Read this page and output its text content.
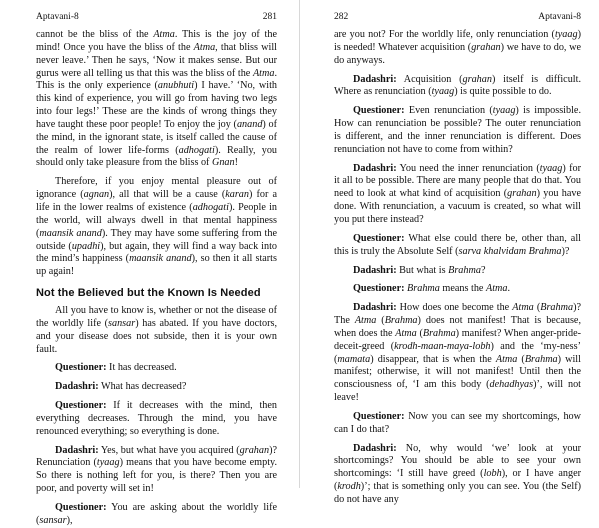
Aptavani-8	281

cannot be the bliss of the Atma. This is the joy of the mind! Once you have the bliss of the Atma, that bliss will never leave.’ Then he says, ‘Now it makes sense. But our gurus were all telling us that this was the bliss of the Atma. This is the only experience (anubhuti) I have.’ ‘No, with this kind of experience, you will go from having two legs into four legs!’ These are the kinds of wrong things they have taught these poor people! To enjoy the joy (anand) of the mind, in the ignorant state, is itself called the cause of the realm of lower life-forms (adhogati). Really, you should only take pleasure from the bliss of Gnan!

Therefore, if you enjoy mental pleasure out of ignorance (agnan), all that will be a cause (karan) for a life in the lower realms of existence (adhogati). People in the world, will always dwell in that mental happiness (maansik anand). They may have some suffering from the outside (upadhi), but again, they will find a way back into the mind’s happiness (maansik anand), so then it all starts up again!

Not the Believed but the Known Is Needed

All you have to know is, whether or not the disease of the worldly life (sansar) has abated. If you have doctors, and your disease does not subside, then it is your own fault.

Questioner: It has decreased.

Dadashri: What has decreased?

Questioner: If it decreases with the mind, then everything decreases. Through the mind, you have renounced everything; so everything is done.

Dadashri: Yes, but what have you acquired (grahan)? Renunciation (tyaag) means that you have become empty. So there is nothing left for you, is there? Then you are poor, and poverty will set in!

Questioner: You are asking about the worldly life (sansar),

282	Aptavani-8

are you not? For the worldly life, only renunciation (tyaag) is needed! Whatever acquisition (grahan) we have to do, we do anyways.

Dadashri: Acquisition (grahan) itself is difficult. Where as renunciation (tyaag) is quite possible to do.

Questioner: Even renunciation (tyaag) is impossible. How can renunciation be possible? The outer renunciation is different, and the inner renunciation is different. Does renunciation not have to come from within?

Dadashri: You need the inner renunciation (tyaag) for it all to be possible. There are many people that do that. You need to look at what kind of acquisition (grahan) you have done. With renunciation, a vacuum is created, so what will you put there instead?

Questioner: What else could there be, other than, all this is truly the Absolute Self (sarva khalvidam Brahma)?

Dadashri: But what is Brahma?

Questioner: Brahma means the Atma.

Dadashri: How does one become the Atma (Brahma)? The Atma (Brahma) does not manifest! That is because, when does the Atma (Brahma) manifest? When anger-pride-deceit-greed (krodh-maan-maya-lobh) and the ‘my-ness’ (mamata) disappear, that is when the Atma (Brahma) will manifest; otherwise, it will not manifest! Until then the consciousness of, ‘I am this body (dehadhyas)’, will not leave!

Questioner: Now you can see my shortcomings, how can I do that?

Dadashri: No, why would ‘we’ look at your shortcomings? You should be able to see your own shortcomings: ‘I still have greed (lobh), or I have anger (krodh)’; that is something only you can see. You (the Self) do not have any
